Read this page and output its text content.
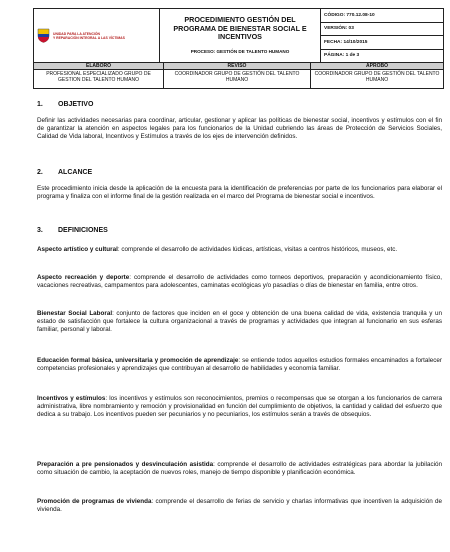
UNIDAD PARA LA ATENCIÓN
Y REPARACIÓN INTEGRAL A LAS VÍCTIMAS

PROCEDIMIENTO GESTIÓN DEL PROGRAMA DE BIENESTAR SOCIAL E INCENTIVOS
PROCESO: GESTIÓN DE TALENTO HUMANO
	CÓDIGO: 770.12.08-10
VERSIÓN: 03
FECHA: 14/10/2015
PÁGINA: 1 de 3
ELABORÓ	REVISÓ	APROBÓ
PROFESIONAL ESPECIALIZADO GRUPO DE GESTION DEL TALENTO HUMANO	COORDINADOR GRUPO DE GESTIÓN DEL TALENTO HUMANO	COORDINADOR GRUPO DE GESTIÓN DEL TALENTO HUMANO
1. OBJETIVO
Definir las actividades necesarias para coordinar, articular, gestionar y aplicar las políticas de bienestar social, incentivos y estímulos con el fin de garantizar la atención en aspectos legales para los funcionarios de la Unidad cubriendo las áreas de Protección de Servicios Sociales, Calidad de Vida laboral, Incentivos y Estímulos a través de los ejes de intervención definidos.
2. ALCANCE
Este procedimiento inicia desde la aplicación de la encuesta para la identificación de preferencias por parte de los funcionarios para elaborar el programa y finaliza con el informe final de la gestión realizada en el marco del Programa de bienestar social e incentivos.
3. DEFINICIONES
Aspecto artístico y cultural: comprende el desarrollo de actividades lúdicas, artísticas, visitas a centros históricos, museos, etc.
Aspecto recreación y deporte: comprende el desarrollo de actividades como torneos deportivos, preparación y acondicionamiento físico, vacaciones recreativas, campamentos para adolescentes, caminatas ecológicas y/o pasadías o días de bienestar en familia, entre otros.
Bienestar Social Laboral: conjunto de factores que inciden en el goce y obtención de una buena calidad de vida, existencia tranquila y un estado de satisfacción que fortalece la cultura organizacional a través de programas y actividades que integran al funcionario en sus esferas familiar, personal y laboral.
Educación formal básica, universitaria y promoción de aprendizaje: se entiende todos aquellos estudios formales encaminados a fortalecer competencias profesionales y aprendizajes que contribuyan al desarrollo de habilidades y economía familiar.
Incentivos y estímulos: los incentivos y estímulos son reconocimientos, premios o recompensas que se otorgan a los funcionarios de carrera administrativa, libre nombramiento y remoción y provisionalidad en función del cumplimiento de objetivos, la cantidad y calidad del esfuerzo que dedica a su trabajo. Los incentivos pueden ser pecuniarios y no pecuniarios, los estímulos serán a través de obsequios.
Preparación a pre pensionados y desvinculación asistida: comprende el desarrollo de actividades estratégicas para abordar la jubilación como situación de cambio, la aceptación de nuevos roles, manejo de tiempo disponible y planificación económica.
Promoción de programas de vivienda: comprende el desarrollo de ferias de servicio y charlas informativas que incentiven la adquisición de vivienda.
